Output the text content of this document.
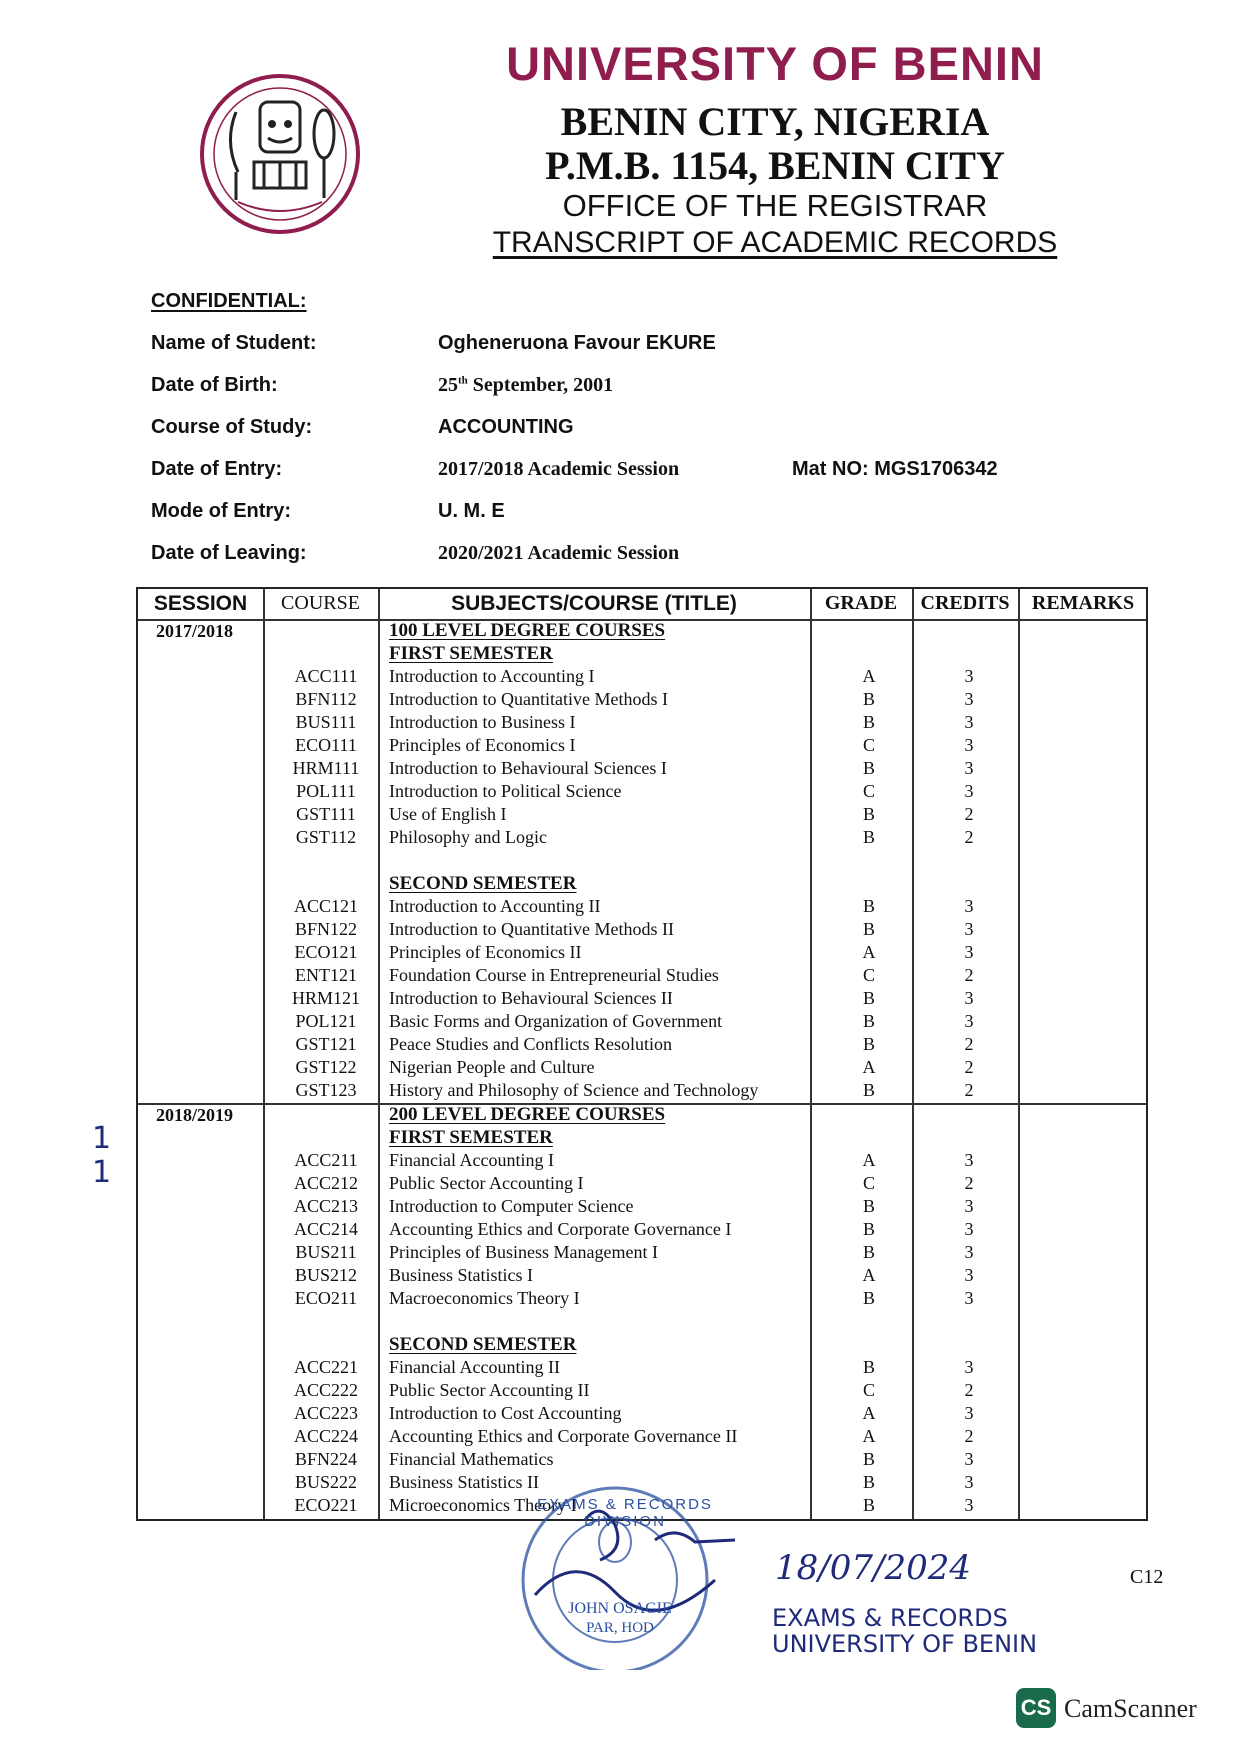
UNIVERSITY OF BENIN
BENIN CITY, NIGERIA
P.M.B. 1154, BENIN CITY
OFFICE OF THE REGISTRAR
TRANSCRIPT OF ACADEMIC RECORDS
CONFIDENTIAL:
Name of Student:	Ogheneruona Favour EKURE
Date of Birth:	25th September, 2001
Course of Study:	ACCOUNTING
Date of Entry:	2017/2018 Academic Session	Mat NO: MGS1706342
Mode of Entry:	U. M. E
Date of Leaving:	2020/2021 Academic Session
SESSION	COURSE	SUBJECTS/COURSE (TITLE)	GRADE	CREDITS	REMARKS
2017/2018	100 LEVEL DEGREE COURSES
FIRST SEMESTER
ACC111	Introduction to Accounting I	A	3
BFN112	Introduction to Quantitative Methods I	B	3
BUS111	Introduction to Business I	B	3
ECO111	Principles of Economics I	C	3
HRM111	Introduction to Behavioural Sciences I	B	3
POL111	Introduction to Political Science	C	3
GST111	Use of English I	B	2
GST112	Philosophy and Logic	B	2
SECOND SEMESTER
ACC121	Introduction to Accounting II	B	3
BFN122	Introduction to Quantitative Methods II	B	3
ECO121	Principles of Economics II	A	3
ENT121	Foundation Course in Entrepreneurial Studies	C	2
HRM121	Introduction to Behavioural Sciences II	B	3
POL121	Basic Forms and Organization of Government	B	3
GST121	Peace Studies and Conflicts Resolution	B	2
GST122	Nigerian People and Culture	A	2
GST123	History and Philosophy of Science and Technology	B	2
2018/2019	200 LEVEL DEGREE COURSES
FIRST SEMESTER
ACC211	Financial Accounting I	A	3
ACC212	Public Sector Accounting I	C	2
ACC213	Introduction to Computer Science	B	3
ACC214	Accounting Ethics and Corporate Governance I	B	3
BUS211	Principles of Business Management I	B	3
BUS212	Business Statistics I	A	3
ECO211	Macroeconomics Theory I	B	3
SECOND SEMESTER
ACC221	Financial Accounting II	B	3
ACC222	Public Sector Accounting II	C	2
ACC223	Introduction to Cost Accounting	A	3
ACC224	Accounting Ethics and Corporate Governance II	A	2
BFN224	Financial Mathematics	B	3
BUS222	Business Statistics II	B	3
ECO221	Microeconomics Theory I	B	3
EXAMS & RECORDS DIVISION
JOHN OSAGIE
PAR, HOD
18/07/2024
EXAMS & RECORDS
UNIVERSITY OF BENIN
C12
1
1
CS CamScanner
